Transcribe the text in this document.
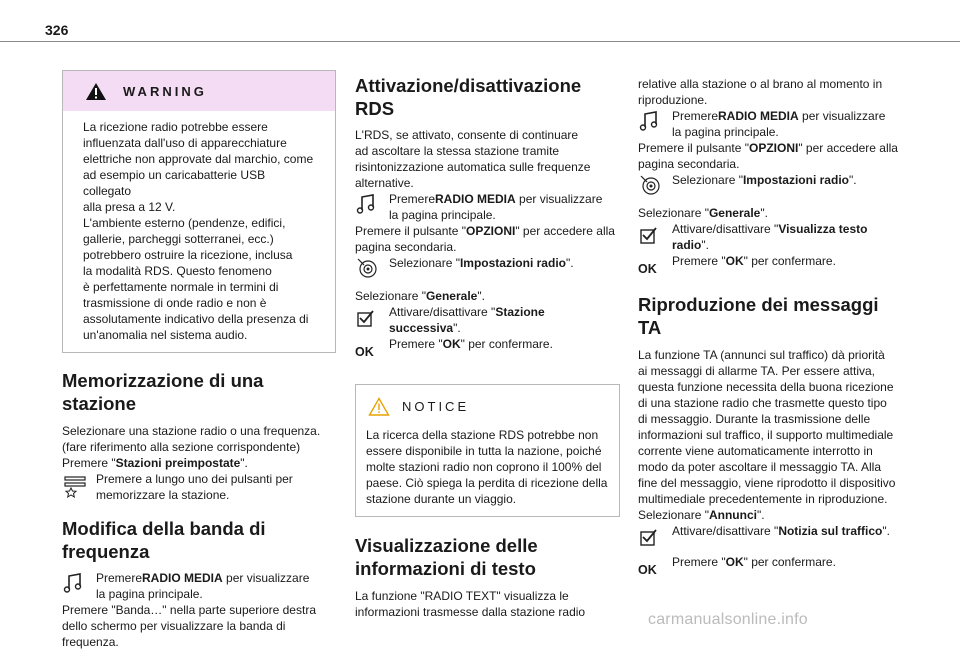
326
WARNING

La ricezione radio potrebbe essere

influenzata dall'uso di apparecchiature

elettriche non approvate dal marchio, come

ad esempio un caricabatterie USB collegato

alla presa a 12 V.

L'ambiente esterno (pendenze, edifici,

gallerie, parcheggi sotterranei, ecc.)

potrebbero ostruire la ricezione, inclusa

la modalità RDS. Questo fenomeno

è perfettamente normale in termini di

trasmissione di onde radio e non è

assolutamente indicativo della presenza di

un'anomalia nel sistema audio.

Memorizzazione di una
stazione

Selezionare una stazione radio o una frequenza.

(fare riferimento alla sezione corrispondente)

Premere "Stazioni preimpostate".

Premere a lungo uno dei pulsanti per
memorizzare la stazione.

Modifica della banda di
frequenza

PremereRADIO MEDIA per visualizzare
la pagina principale.

Premere "Banda…" nella parte superiore destra

dello schermo per visualizzare la banda di

frequenza.

Attivazione/disattivazione
RDS

L'RDS, se attivato, consente di continuare

ad ascoltare la stessa stazione tramite

risintonizzazione automatica sulle frequenze

alternative.

PremereRADIO MEDIA per visualizzare
la pagina principale.

Premere il pulsante "OPZIONI" per accedere alla

pagina secondaria.

Selezionare "Impostazioni radio".

Selezionare "Generale".

Attivare/disattivare "Stazione
successiva".

OK

Premere "OK" per confermare.

NOTICE

La ricerca della stazione RDS potrebbe non

essere disponibile in tutta la nazione, poiché

molte stazioni radio non coprono il 100% del

paese. Ciò spiega la perdita di ricezione della

stazione durante un viaggio.

Visualizzazione delle
informazioni di testo

La funzione "RADIO TEXT" visualizza le

informazioni trasmesse dalla stazione radio

relative alla stazione o al brano al momento in

riproduzione.

PremereRADIO MEDIA per visualizzare
la pagina principale.

Premere il pulsante "OPZIONI" per accedere alla

pagina secondaria.

Selezionare "Impostazioni radio".

Selezionare "Generale".

Attivare/disattivare "Visualizza testo
radio".

OK

Premere "OK" per confermare.

Riproduzione dei messaggi
TA

La funzione TA (annunci sul traffico) dà priorità

ai messaggi di allarme TA. Per essere attiva,

questa funzione necessita della buona ricezione

di una stazione radio che trasmette questo tipo

di messaggio. Durante la trasmissione delle

informazioni sul traffico, il supporto multimediale

corrente viene automaticamente interrotto in

modo da poter ascoltare il messaggio TA. Alla

fine del messaggio, viene riprodotto il dispositivo

multimediale precedentemente in riproduzione.

Selezionare "Annunci".

Attivare/disattivare "Notizia sul traffico".

OK

Premere "OK" per confermare.

carmanualsonline.info
